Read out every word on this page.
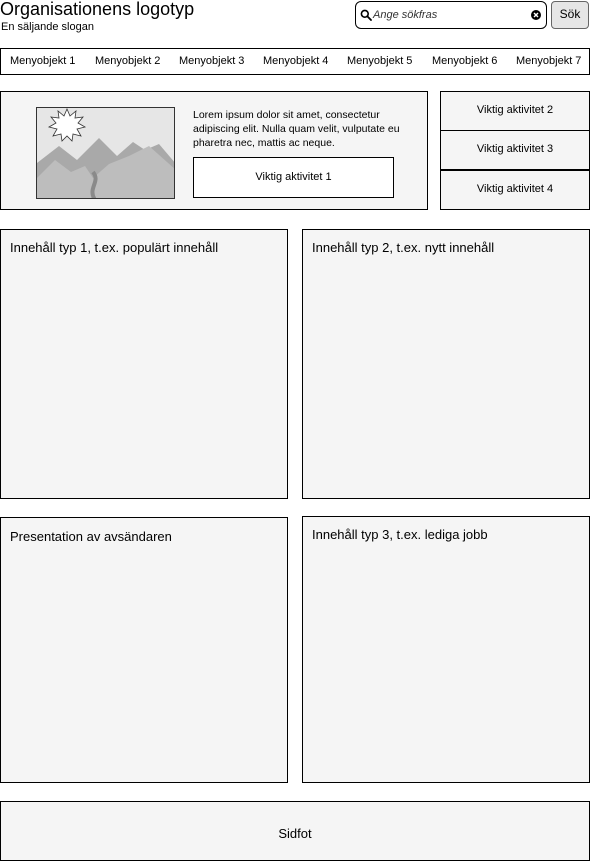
Organisationens logotyp
En säljande slogan
Ange sökfras	Sök
Menyobjekt 1 Menyobjekt 2 Menyobjekt 3 Menyobjekt 4 Menyobjekt 5 Menyobjekt 6 Menyobjekt 7
Lorem ipsum dolor sit amet, consectetur adipiscing elit. Nulla quam velit, vulputate eu pharetra nec, mattis ac neque.
Viktig aktivitet 1
Viktig aktivitet 2
Viktig aktivitet 3
Viktig aktivitet 4
Innehåll typ 1, t.ex. populärt innehåll	Innehåll typ 2, t.ex. nytt innehåll
Presentation av avsändaren	Innehåll typ 3, t.ex. lediga jobb
Sidfot
